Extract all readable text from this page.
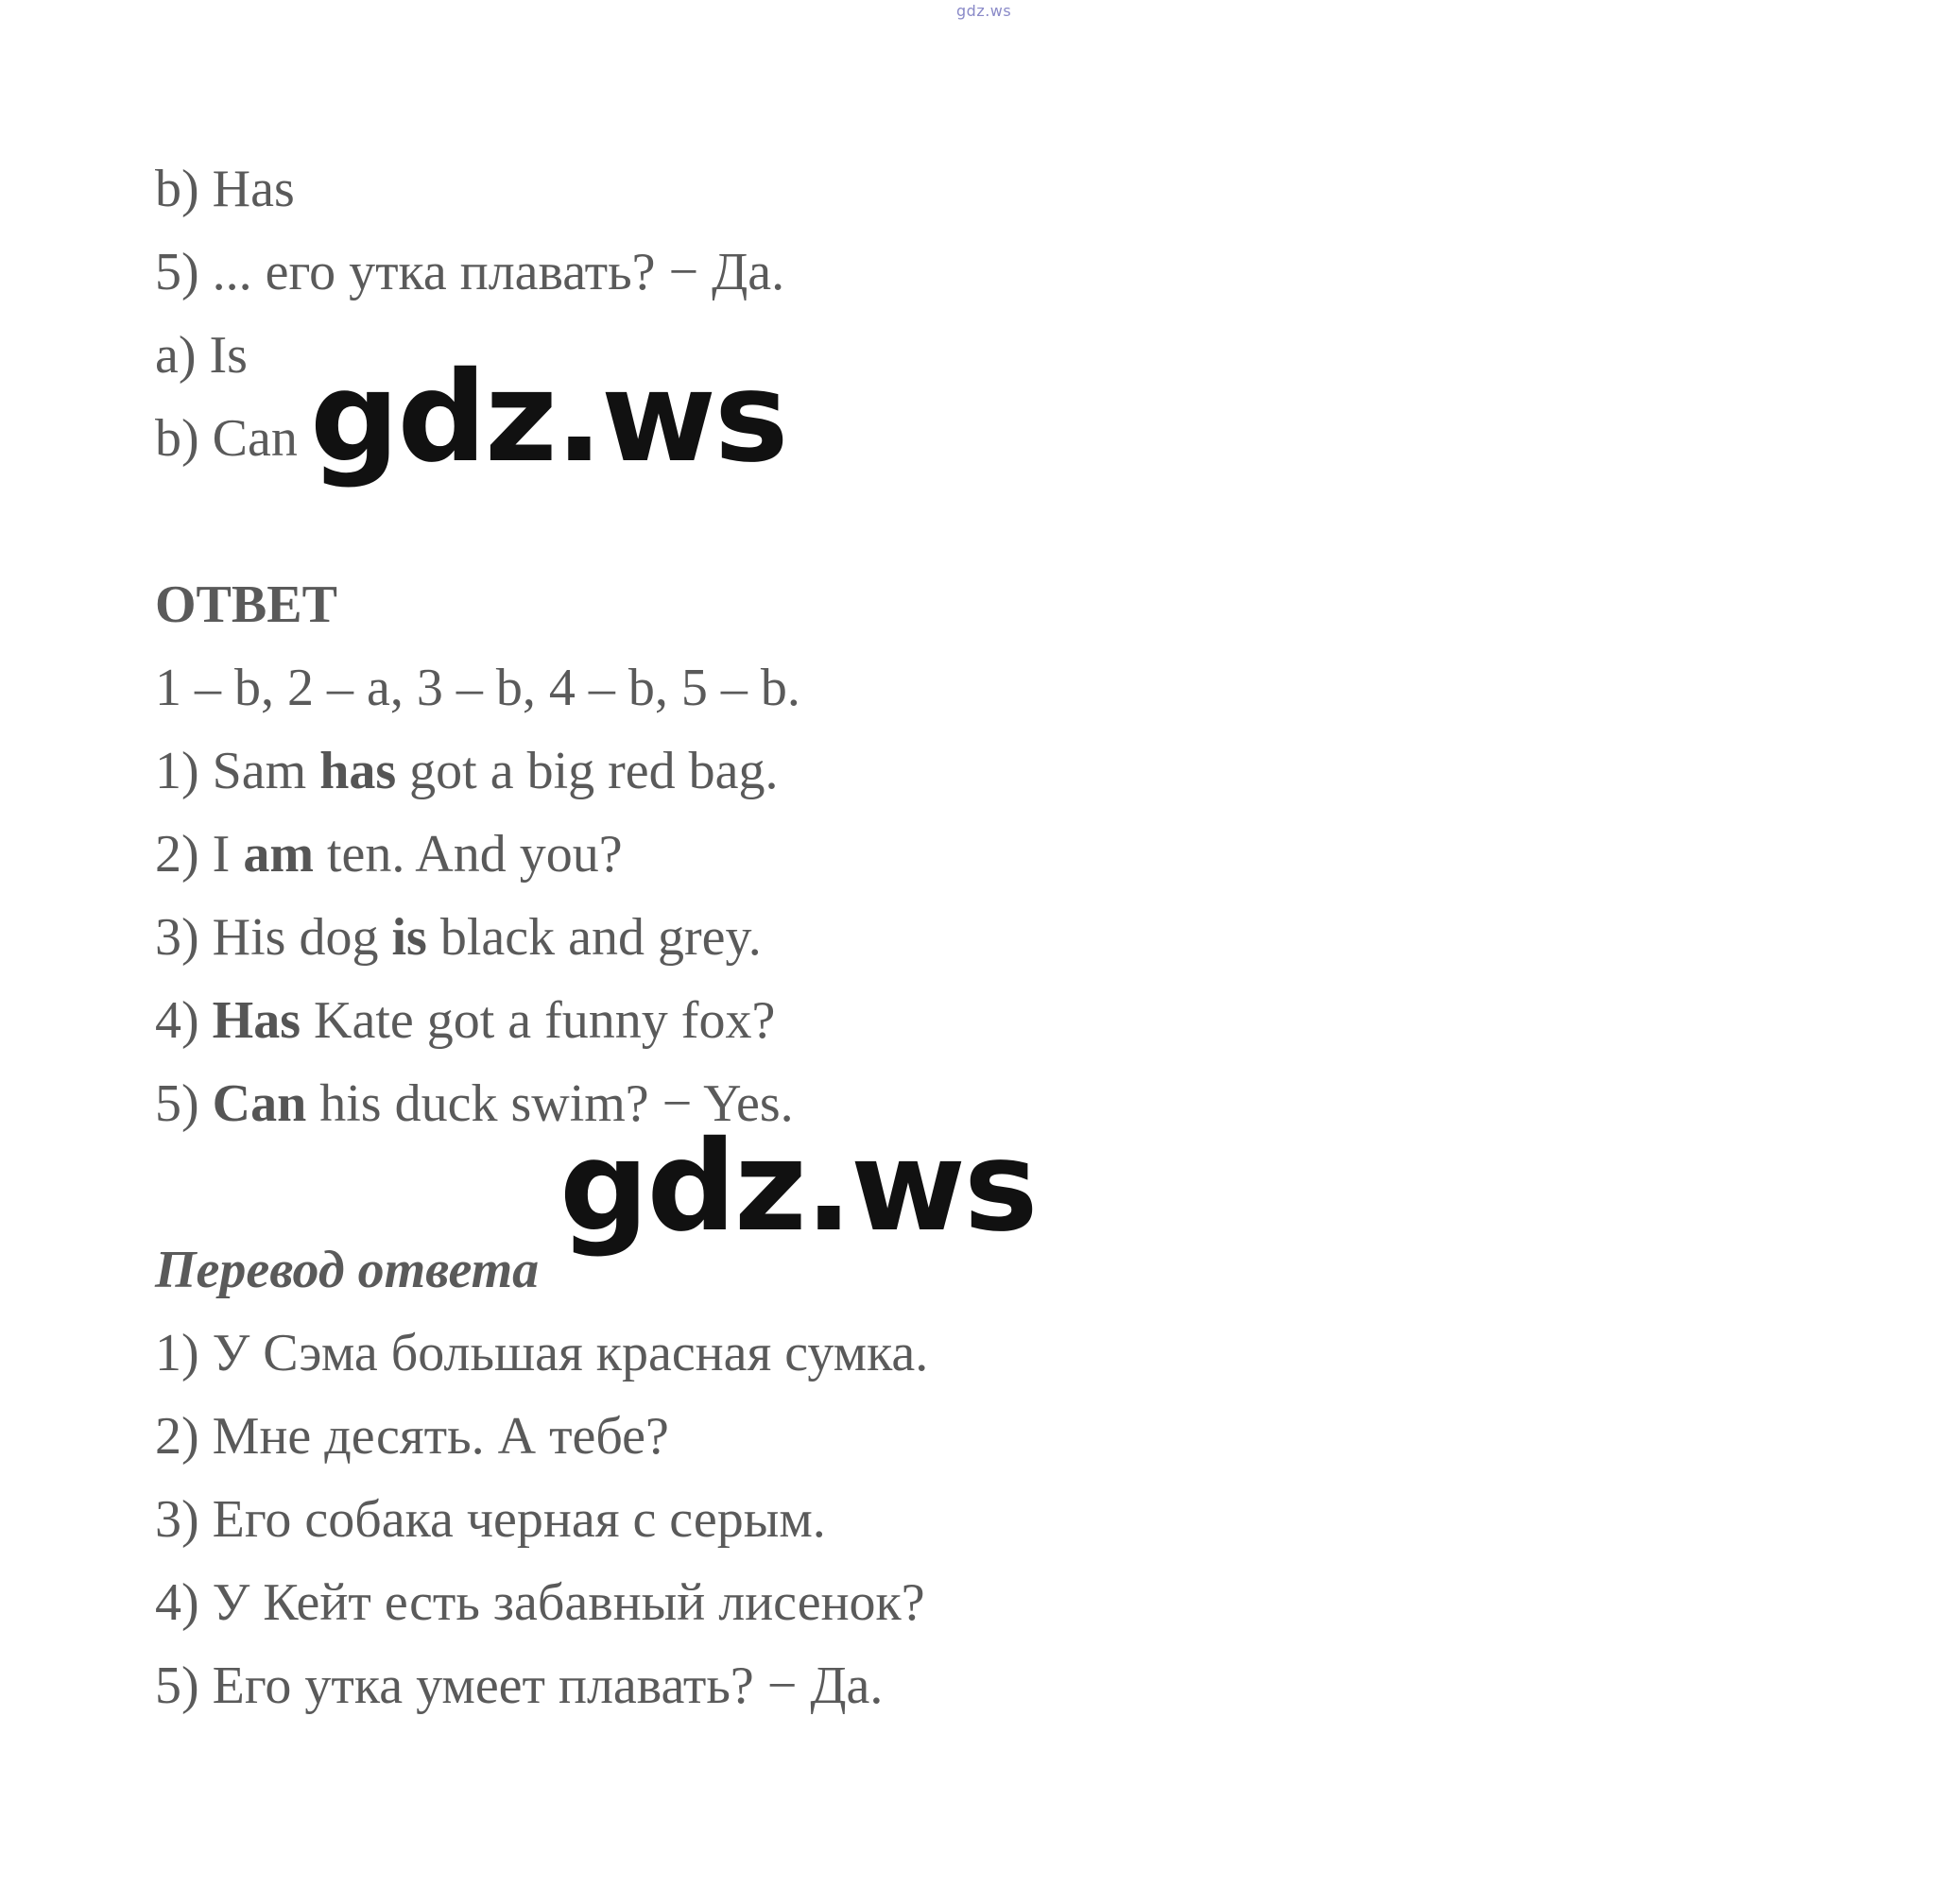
gdz.ws
b) Has
5) ... его утка плавать? − Да.
a) Is
b) Can gdz.ws
ОТВЕТ
1 – b, 2 – a, 3 – b, 4 – b, 5 – b.
1) Sam has got a big red bag.
2) I am ten. And you?
3) His dog is black and grey.
4) Has Kate got a funny fox?
5) Can his duck swim? − Yes.
gdz.ws
Перевод ответа
1) У Сэма большая красная сумка.
2) Мне десять. А тебе?
3) Его собака черная с серым.
4) У Кейт есть забавный лисенок?
5) Его утка умеет плавать? − Да.
